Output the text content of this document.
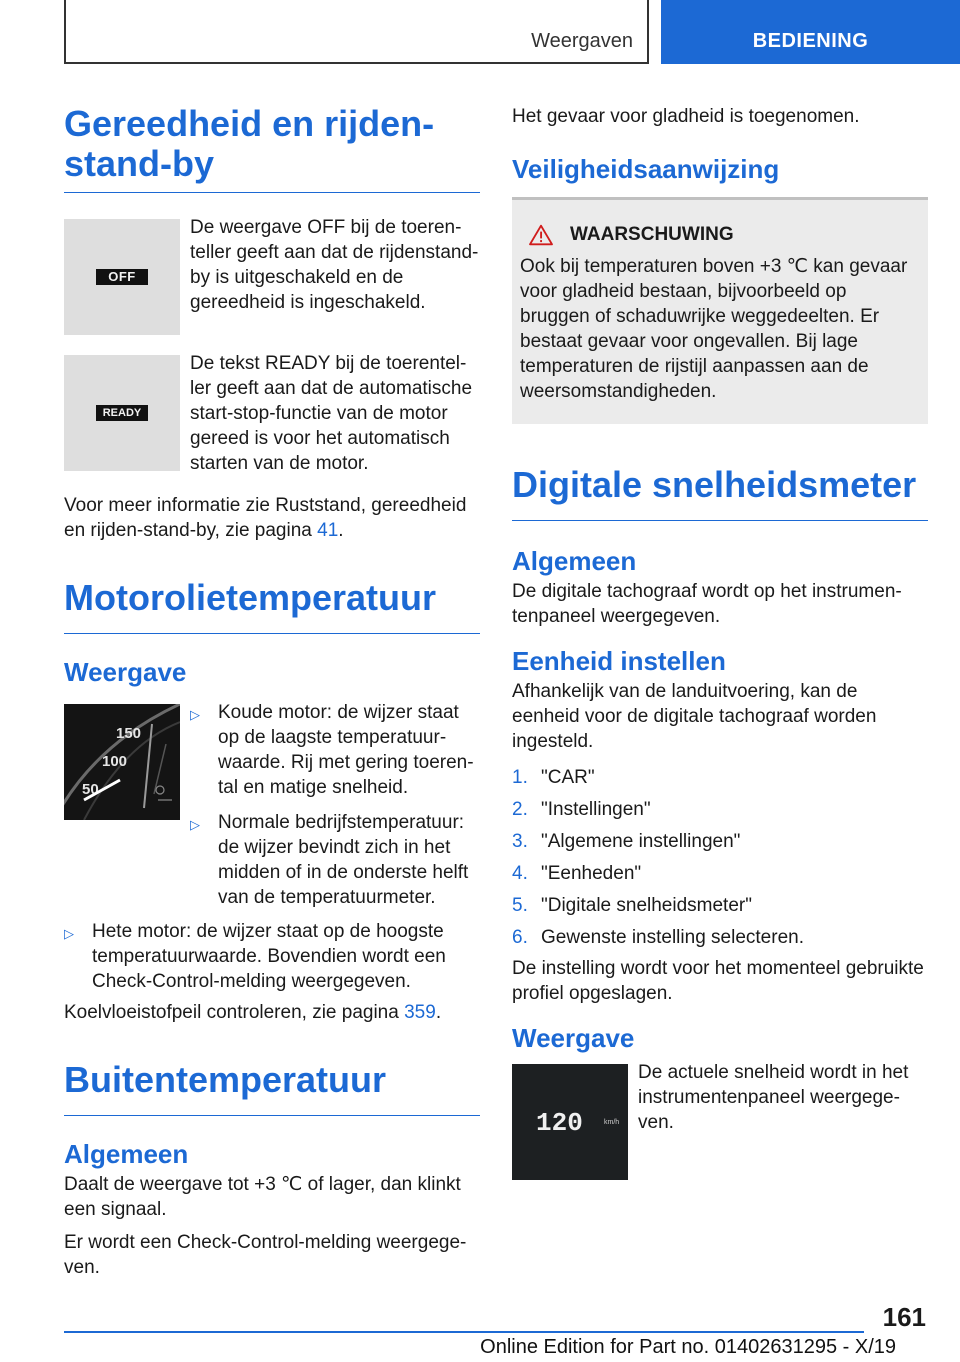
Weergaven	BEDIENING
Gereedheid en rijden-
stand-by
OFF
De weergave OFF bij de toerenteller geeft aan dat de rijdenstand-by is uitgeschakeld en de gereedheid is ingeschakeld.
READY
De tekst READY bij de toerenteller geeft aan dat de automatische start-stop-functie van de motor gereed is voor het automatisch starten van de motor.

Voor meer informatie zie Ruststand, gereedheid en rijden-stand-by, zie pagina 41.

Motorolietemperatuur
Weergave
150
100
50
▷ Koude motor: de wijzer staat op de laagste temperatuurwaarde. Rij met gering toerental en matige snelheid.
▷ Normale bedrijfstemperatuur: de wijzer bevindt zich in het midden of in de onderste helft van de temperatuurmeter.
▷ Hete motor: de wijzer staat op de hoogste temperatuurwaarde. Bovendien wordt een Check-Control-melding weergegeven.

Koelvloeistofpeil controleren, zie pagina 359.

Buitentemperatuur
Algemeen

Daalt de weergave tot +3 ℃ of lager, dan klinkt een signaal.

Er wordt een Check-Control-melding weergegeven.

Het gevaar voor gladheid is toegenomen.

Veiligheidsaanwijzing
WAARSCHUWING

Ook bij temperaturen boven +3 ℃ kan gevaar voor gladheid bestaan, bijvoorbeeld op bruggen of schaduwrijke weggedeelten. Er bestaat gevaar voor ongevallen. Bij lage temperaturen de rijstijl aanpassen aan de weersomstandigheden.

Digitale snelheidsmeter
Algemeen

De digitale tachograaf wordt op het instrumentenpaneel weergegeven.

Eenheid instellen

Afhankelijk van de landuitvoering, kan de eenheid voor de digitale tachograaf worden ingesteld.

1. "CAR"
2. "Instellingen"
3. "Algemene instellingen"
4. "Eenheden"
5. "Digitale snelheidsmeter"
6. Gewenste instelling selecteren.

De instelling wordt voor het momenteel gebruikte profiel opgeslagen.

Weergave
120	km/h
De actuele snelheid wordt in het instrumentenpaneel weergegeven.
161
Online Edition for Part no. 01402631295 - X/19
